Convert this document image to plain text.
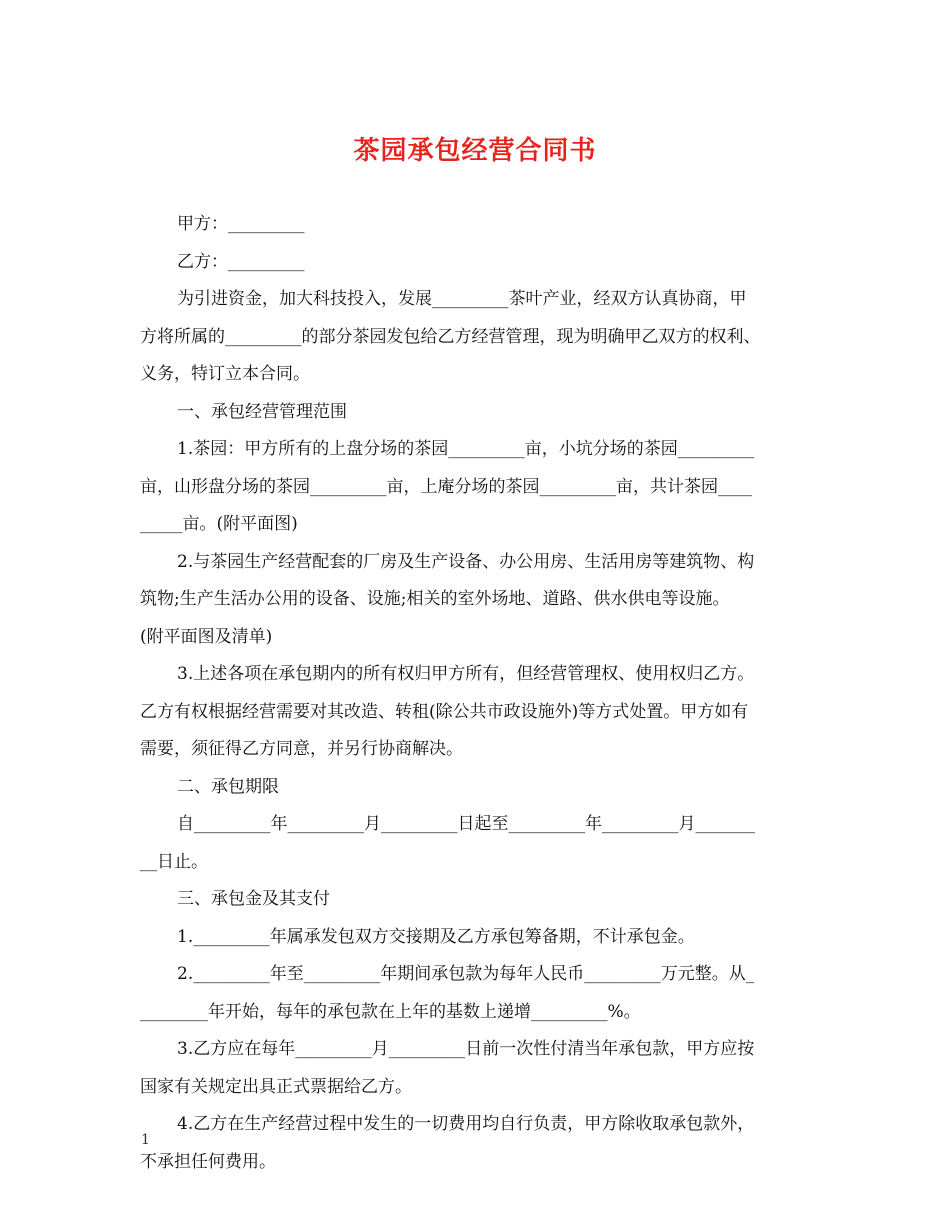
茶园承包经营合同书
甲方：_________
乙方：_________
为引进资金，加大科技投入，发展_________茶叶产业，经双方认真协商，甲
方将所属的_________的部分茶园发包给乙方经营管理，现为明确甲乙双方的权利、
义务，特订立本合同。
一、承包经营管理范围
1.茶园：甲方所有的上盘分场的茶园_________亩，小坑分场的茶园_________
亩，山形盘分场的茶园_________亩，上庵分场的茶园_________亩，共计茶园____
_____亩。(附平面图)
2.与茶园生产经营配套的厂房及生产设备、办公用房、生活用房等建筑物、构
筑物;生产生活办公用的设备、设施;相关的室外场地、道路、供水供电等设施。
(附平面图及清单)
3.上述各项在承包期内的所有权归甲方所有，但经营管理权、使用权归乙方。
乙方有权根据经营需要对其改造、转租(除公共市政设施外)等方式处置。甲方如有
需要，须征得乙方同意，并另行协商解决。
二、承包期限
自_________年_________月_________日起至_________年_________月_______
__日止。
三、承包金及其支付
1._________年属承发包双方交接期及乙方承包筹备期，不计承包金。
2._________年至_________年期间承包款为每年人民币_________万元整。从_
________年开始，每年的承包款在上年的基数上递增_________%。
3.乙方应在每年_________月_________日前一次性付清当年承包款，甲方应按
国家有关规定出具正式票据给乙方。
4.乙方在生产经营过程中发生的一切费用均自行负责，甲方除收取承包款外，
不承担任何费用。
1
